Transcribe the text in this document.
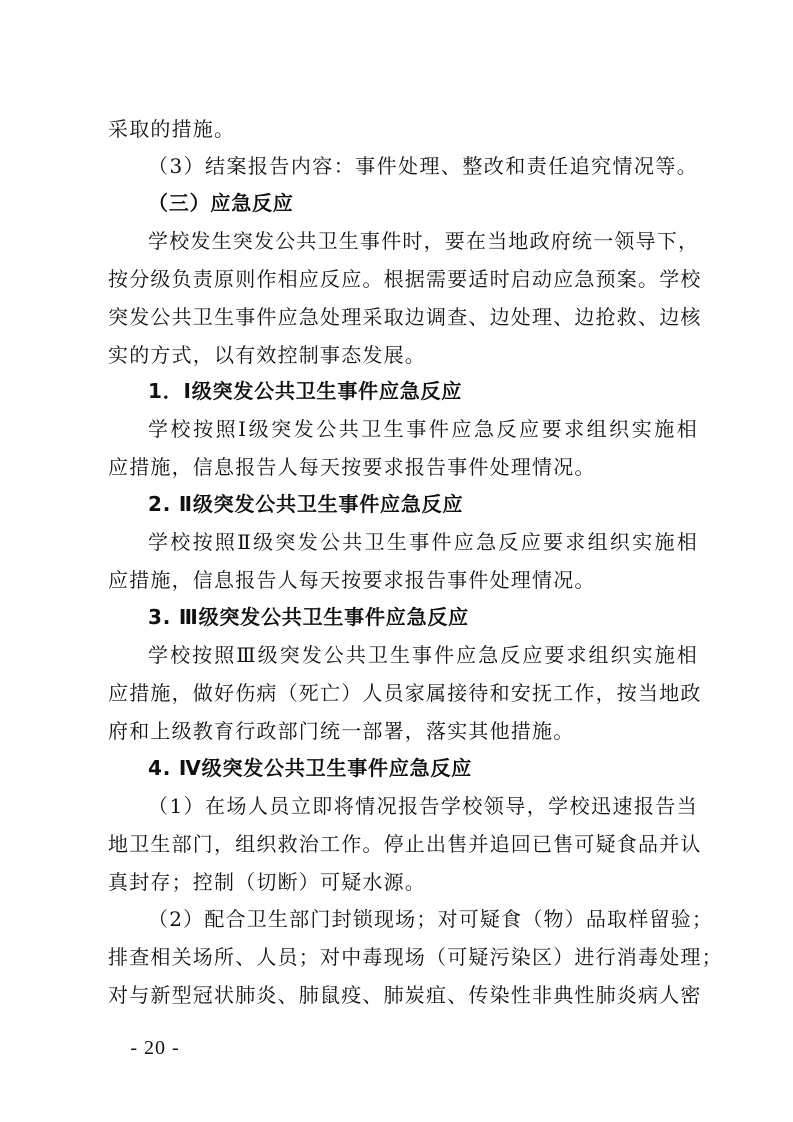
采取的措施。
（3）结案报告内容：事件处理、整改和责任追究情况等。
（三）应急反应
学校发生突发公共卫生事件时，要在当地政府统一领导下，
按分级负责原则作相应反应。根据需要适时启动应急预案。学校
突发公共卫生事件应急处理采取边调查、边处理、边抢救、边核
实的方式，以有效控制事态发展。
1．Ⅰ级突发公共卫生事件应急反应
学校按照Ⅰ级突发公共卫生事件应急反应要求组织实施相
应措施，信息报告人每天按要求报告事件处理情况。
2. Ⅱ级突发公共卫生事件应急反应
学校按照Ⅱ级突发公共卫生事件应急反应要求组织实施相
应措施，信息报告人每天按要求报告事件处理情况。
3. Ⅲ级突发公共卫生事件应急反应
学校按照Ⅲ级突发公共卫生事件应急反应要求组织实施相
应措施，做好伤病（死亡）人员家属接待和安抚工作，按当地政
府和上级教育行政部门统一部署，落实其他措施。
4. Ⅳ级突发公共卫生事件应急反应
（1）在场人员立即将情况报告学校领导，学校迅速报告当
地卫生部门，组织救治工作。停止出售并追回已售可疑食品并认
真封存；控制（切断）可疑水源。
（2）配合卫生部门封锁现场；对可疑食（物）品取样留验；
排查相关场所、人员；对中毒现场（可疑污染区）进行消毒处理；
对与新型冠状肺炎、肺鼠疫、肺炭疽、传染性非典性肺炎病人密
- 20 -
